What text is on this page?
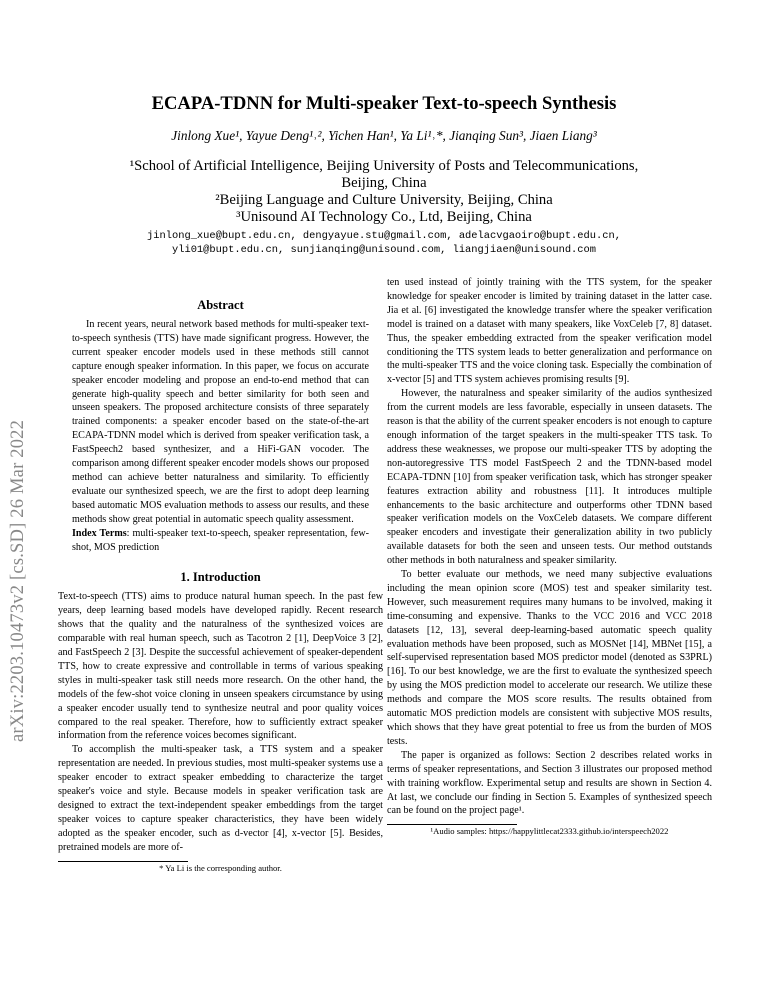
arXiv:2203.10473v2 [cs.SD] 26 Mar 2022
ECAPA-TDNN for Multi-speaker Text-to-speech Synthesis
Jinlong Xue¹, Yayue Deng¹˒², Yichen Han¹, Ya Li¹˒*, Jianqing Sun³, Jiaen Liang³
¹School of Artificial Intelligence, Beijing University of Posts and Telecommunications,
Beijing, China
²Beijing Language and Culture University, Beijing, China
³Unisound AI Technology Co., Ltd, Beijing, China
jinlong_xue@bupt.edu.cn, dengyayue.stu@gmail.com, adelacvgaoiro@bupt.edu.cn,
yli01@bupt.edu.cn, sunjianqing@unisound.com, liangjiaen@unisound.com
Abstract

In recent years, neural network based methods for multi-speaker text-to-speech synthesis (TTS) have made significant progress. However, the current speaker encoder models used in these methods still cannot capture enough speaker information. In this paper, we focus on accurate speaker encoder modeling and propose an end-to-end method that can generate high-quality speech and better similarity for both seen and unseen speakers. The proposed architecture consists of three separately trained components: a speaker encoder based on the state-of-the-art ECAPA-TDNN model which is derived from speaker verification task, a FastSpeech2 based synthesizer, and a HiFi-GAN vocoder. The comparison among different speaker encoder models shows our proposed method can achieve better naturalness and similarity. To efficiently evaluate our synthesized speech, we are the first to adopt deep learning based automatic MOS evaluation methods to assess our results, and these methods show great potential in automatic speech quality assessment.

Index Terms: multi-speaker text-to-speech, speaker representation, few-shot, MOS prediction

1. Introduction

Text-to-speech (TTS) aims to produce natural human speech. In the past few years, deep learning based models have developed rapidly. Recent research shows that the quality and the naturalness of the synthesized voices are comparable with real human speech, such as Tacotron 2 [1], DeepVoice 3 [2], and FastSpeech 2 [3]. Despite the successful achievement of speaker-dependent TTS, how to create expressive and controllable in terms of various speaking styles in multi-speaker task still needs more research. On the other hand, the models of the few-shot voice cloning in unseen speakers circumstance by using a speaker encoder usually tend to synthesize neutral and poor quality voices compared to the real speaker. Therefore, how to sufficiently extract speaker information from the reference voices becomes significant.

To accomplish the multi-speaker task, a TTS system and a speaker representation are needed. In previous studies, most multi-speaker systems use a speaker encoder to extract speaker embedding to characterize the target speaker's voice and style. Because models in speaker verification task are designed to extract the text-independent speaker embeddings from the target speaker voices to capture speaker characteristics, they have been widely adopted as the speaker encoder, such as d-vector [4], x-vector [5]. Besides, pretrained models are more of-

* Ya Li is the corresponding author.

ten used instead of jointly training with the TTS system, for the speaker knowledge for speaker encoder is limited by training dataset in the latter case. Jia et al. [6] investigated the knowledge transfer where the speaker verification model is trained on a dataset with many speakers, like VoxCeleb [7, 8] dataset. Thus, the speaker embedding extracted from the speaker verification model conditioning the TTS system leads to better generalization and performance on the multi-speaker TTS and the voice cloning task. Especially the combination of x-vector [5] and TTS system achieves promising results [9].

However, the naturalness and speaker similarity of the audios synthesized from the current models are less favorable, especially in unseen datasets. The reason is that the ability of the current speaker encoders is not enough to capture enough information of the target speakers in the multi-speaker TTS task. To address these weaknesses, we propose our multi-speaker TTS by adopting the non-autoregressive TTS model FastSpeech 2 and the TDNN-based model ECAPA-TDNN [10] from speaker verification task, which has stronger speaker features extraction ability and robustness [11]. It introduces multiple enhancements to the basic architecture and outperforms other TDNN based speaker verification models on the VoxCeleb datasets. We compare different speaker encoders and investigate their generalization ability in two publicly available datasets for both the seen and unseen tests. Our method outstands other methods in both naturalness and speaker similarity.

To better evaluate our methods, we need many subjective evaluations including the mean opinion score (MOS) test and speaker similarity test. However, such measurement requires many humans to be involved, making it time-consuming and expensive. Thanks to the VCC 2016 and VCC 2018 datasets [12, 13], several deep-learning-based automatic speech quality evaluation methods have been proposed, such as MOSNet [14], MBNet [15], a self-supervised representation based MOS predictor model (denoted as S3PRL)[16]. To our best knowledge, we are the first to evaluate the synthesized speech by using the MOS prediction model to accelerate our research. We utilize these methods and compare the MOS score results. The results obtained from automatic MOS prediction models are consistent with subjective MOS results, which shows that they have great potential to free us from the burden of MOS tests.

The paper is organized as follows: Section 2 describes related works in terms of speaker representations, and Section 3 illustrates our proposed method with training workflow. Experimental setup and results are shown in Section 4. At last, we conclude our finding in Section 5. Examples of synthesized speech can be found on the project page¹.

¹Audio samples: https://happylittlecat2333.github.io/interspeech2022
